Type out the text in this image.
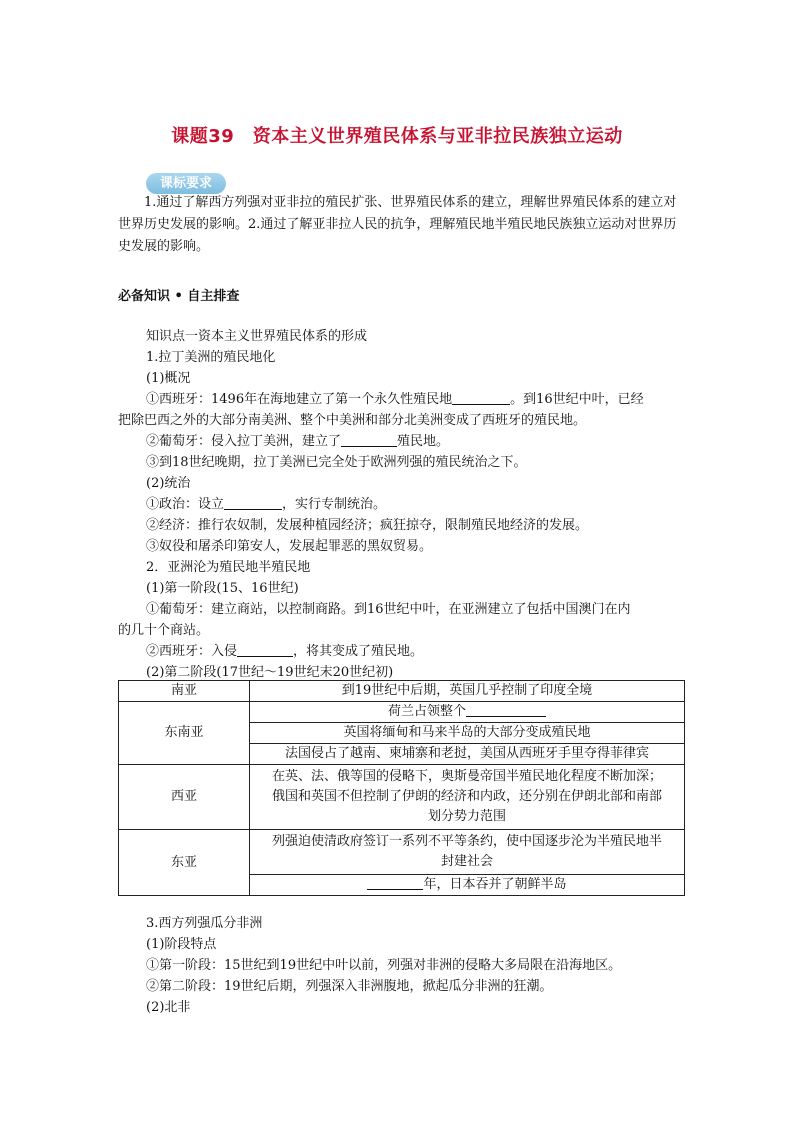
课题39　资本主义世界殖民体系与亚非拉民族独立运动
课标要求
1.通过了解西方列强对亚非拉的殖民扩张、世界殖民体系的建立，理解世界殖民体系的建立对世界历史发展的影响。2.通过了解亚非拉人民的抗争，理解殖民地半殖民地民族独立运动对世界历史发展的影响。
必备知识 • 自主排查
知识点一资本主义世界殖民体系的形成
1.拉丁美洲的殖民地化
(1)概况
①西班牙：1496年在海地建立了第一个永久性殖民地	。到16世纪中叶，已经
把除巴西之外的大部分南美洲、整个中美洲和部分北美洲变成了西班牙的殖民地。
②葡萄牙：侵入拉丁美洲，建立了	殖民地。
③到18世纪晚期，拉丁美洲已完全处于欧洲列强的殖民统治之下。
(2)统治
①政治：设立	，实行专制统治。
②经济：推行农奴制，发展种植园经济；疯狂掠夺，限制殖民地经济的发展。
③奴役和屠杀印第安人，发展起罪恶的黑奴贸易。
2．亚洲沦为殖民地半殖民地
(1)第一阶段(15、16世纪)
①葡萄牙：建立商站，以控制商路。到16世纪中叶，在亚洲建立了包括中国澳门在内
的几十个商站。
②西班牙：入侵	，将其变成了殖民地。
(2)第二阶段(17世纪～19世纪末20世纪初)
南亚	到19世纪中后期，英国几乎控制了印度全境
东南亚	荷兰占领整个
	英国将缅甸和马来半岛的大部分变成殖民地
	法国侵占了越南、柬埔寨和老挝，美国从西班牙手里夺得菲律宾
西亚	在英、法、俄等国的侵略下，奥斯曼帝国半殖民地化程度不断加深；
俄国和英国不但控制了伊朗的经济和内政，还分别在伊朗北部和南部
划分势力范围

东亚	列强迫使清政府签订一系列不平等条约，使中国逐步沦为半殖民地半
封建社会

	年，日本吞并了朝鲜半岛
3.西方列强瓜分非洲
(1)阶段特点
①第一阶段：15世纪到19世纪中叶以前，列强对非洲的侵略大多局限在沿海地区。
②第二阶段：19世纪后期，列强深入非洲腹地，掀起瓜分非洲的狂潮。
(2)北非
